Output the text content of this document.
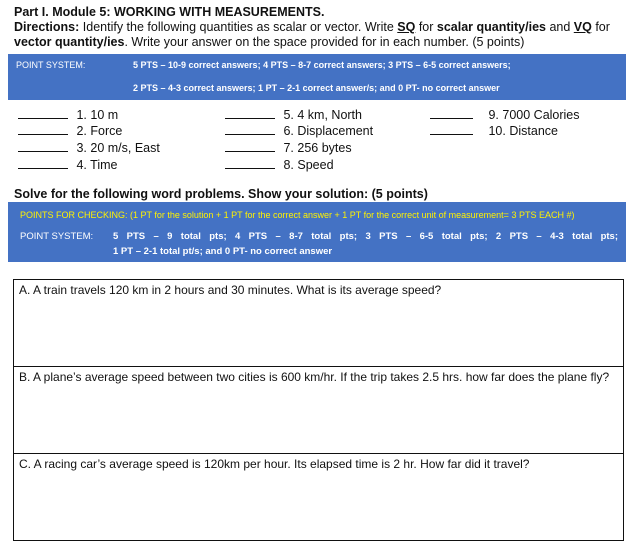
Part I. Module 5: WORKING WITH MEASUREMENTS.
Directions: Identify the following quantities as scalar or vector. Write SQ for scalar quantity/ies and VQ for vector quantity/ies. Write your answer on the space provided for in each number. (5 points)
POINT SYSTEM:	5 PTS – 10-9 correct answers; 4 PTS – 8-7 correct answers; 3 PTS – 6-5 correct answers;
2 PTS – 4-3 correct answers; 1 PT – 2-1 correct answer/s; and 0 PT- no correct answer
1. 10 m
2. Force
3. 20 m/s, East
4. Time
5. 4 km, North
6. Displacement
7. 256 bytes
8. Speed
9. 7000 Calories
10. Distance
Solve for the following word problems. Show your solution: (5 points)
POINTS FOR CHECKING: (1 PT for the solution + 1 PT for the correct answer + 1 PT for the correct unit of measurement= 3 PTS EACH #)
POINT SYSTEM: 5 PTS – 9 total pts; 4 PTS – 8-7 total pts; 3 PTS – 6-5 total pts; 2 PTS – 4-3 total pts;
1 PT – 2-1 total pt/s; and 0 PT- no correct answer
A. A train travels 120 km in 2 hours and 30 minutes. What is its average speed?
B. A plane’s average speed between two cities is 600 km/hr. If the trip takes 2.5 hrs. how far does the plane fly?
C. A racing car’s average speed is 120km per hour. Its elapsed time is 2 hr. How far did it travel?
